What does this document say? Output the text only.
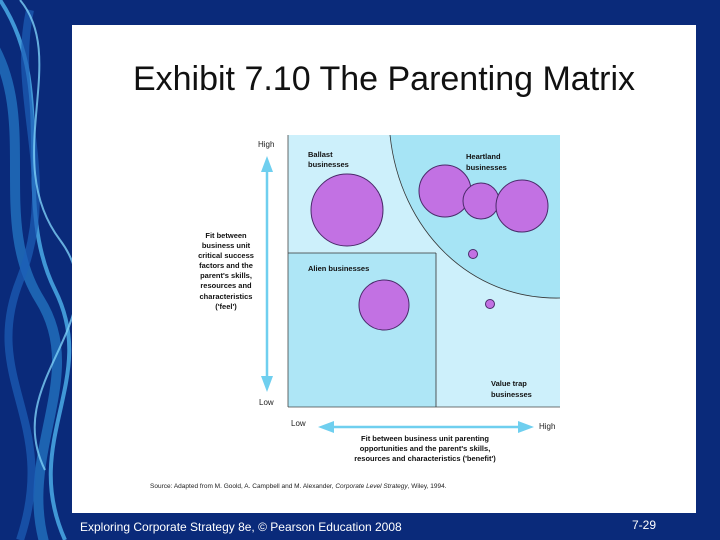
Exhibit 7.10 The Parenting Matrix
High
Low
Low	High
Fit between
business unit
critical success
factors and the
parent's skills,
resources and
characteristics
('feel')
Fit between business unit parenting
opportunities and the parent's skills,
resources and characteristics ('benefit')
Ballast
businesses
Heartland
businesses
Alien businesses
Value trap
businesses
Source: Adapted from M. Goold, A. Campbell and M. Alexander, Corporate Level Strategy, Wiley, 1994.
Exploring Corporate Strategy 8e, © Pearson Education 2008	7-29
